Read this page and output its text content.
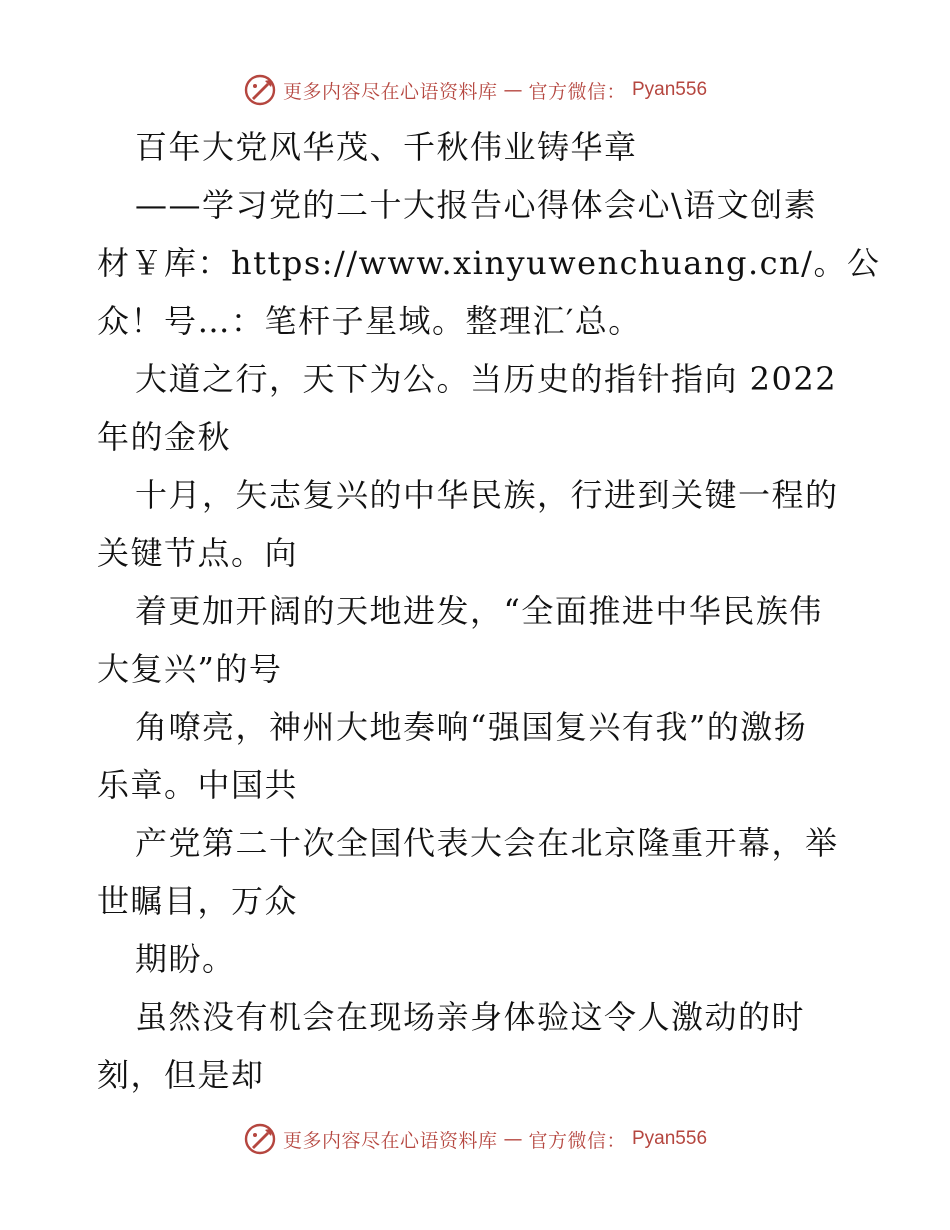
更多内容尽在心语资料库 — 官方微信： Pyan556
百年大党风华茂、千秋伟业铸华章
——学习党的二十大报告心得体会心\语文创素
材￥库：https://www.xinyuwenchuang.cn/。公
众！号…：笔杆子星域。整理汇′总。
大道之行，天下为公。当历史的指针指向 2022
年的金秋
十月，矢志复兴的中华民族，行进到关键一程的
关键节点。向
着更加开阔的天地进发，“全面推进中华民族伟
大复兴”的号
角嘹亮，神州大地奏响“强国复兴有我”的激扬
乐章。中国共
产党第二十次全国代表大会在北京隆重开幕，举
世瞩目，万众
期盼。
虽然没有机会在现场亲身体验这令人激动的时
刻，但是却
更多内容尽在心语资料库 — 官方微信： Pyan556
